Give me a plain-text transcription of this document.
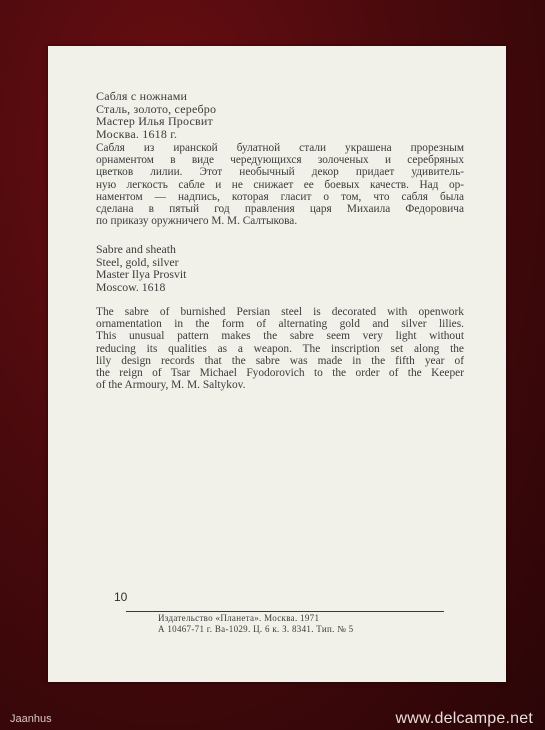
Сабля с ножнами
Сталь, золото, серебро
Мастер Илья Просвит
Москва. 1618 г.
Сабля из иранской булатной стали украшена прорезным
орнаментом в виде чередующихся золоченых и серебряных
цветков лилии. Этот необычный декор придает удивитель-
ную легкость сабле и не снижает ее боевых качеств. Над ор-
наментом — надпись, которая гласит о том, что сабля была
сделана в пятый год правления царя Михаила Федоровича
по приказу оружничего М. М. Салтыкова.
Sabre and sheath
Steel, gold, silver
Master Ilya Prosvit
Moscow. 1618
The sabre of burnished Persian steel is decorated with openwork
ornamentation in the form of alternating gold and silver lilies.
This unusual pattern makes the sabre seem very light without
reducing its qualities as a weapon. The inscription set along the
lily design records that the sabre was made in the fifth year of
the reign of Tsar Michael Fyodorovich to the order of the Keeper
of the Armoury, M. M. Saltykov.
10
Издательство «Планета». Москва. 1971
А 10467-71 г. Ва-1029. Ц. 6 к. З. 8341. Тип. № 5
Jaanhus	www.delcampe.net
